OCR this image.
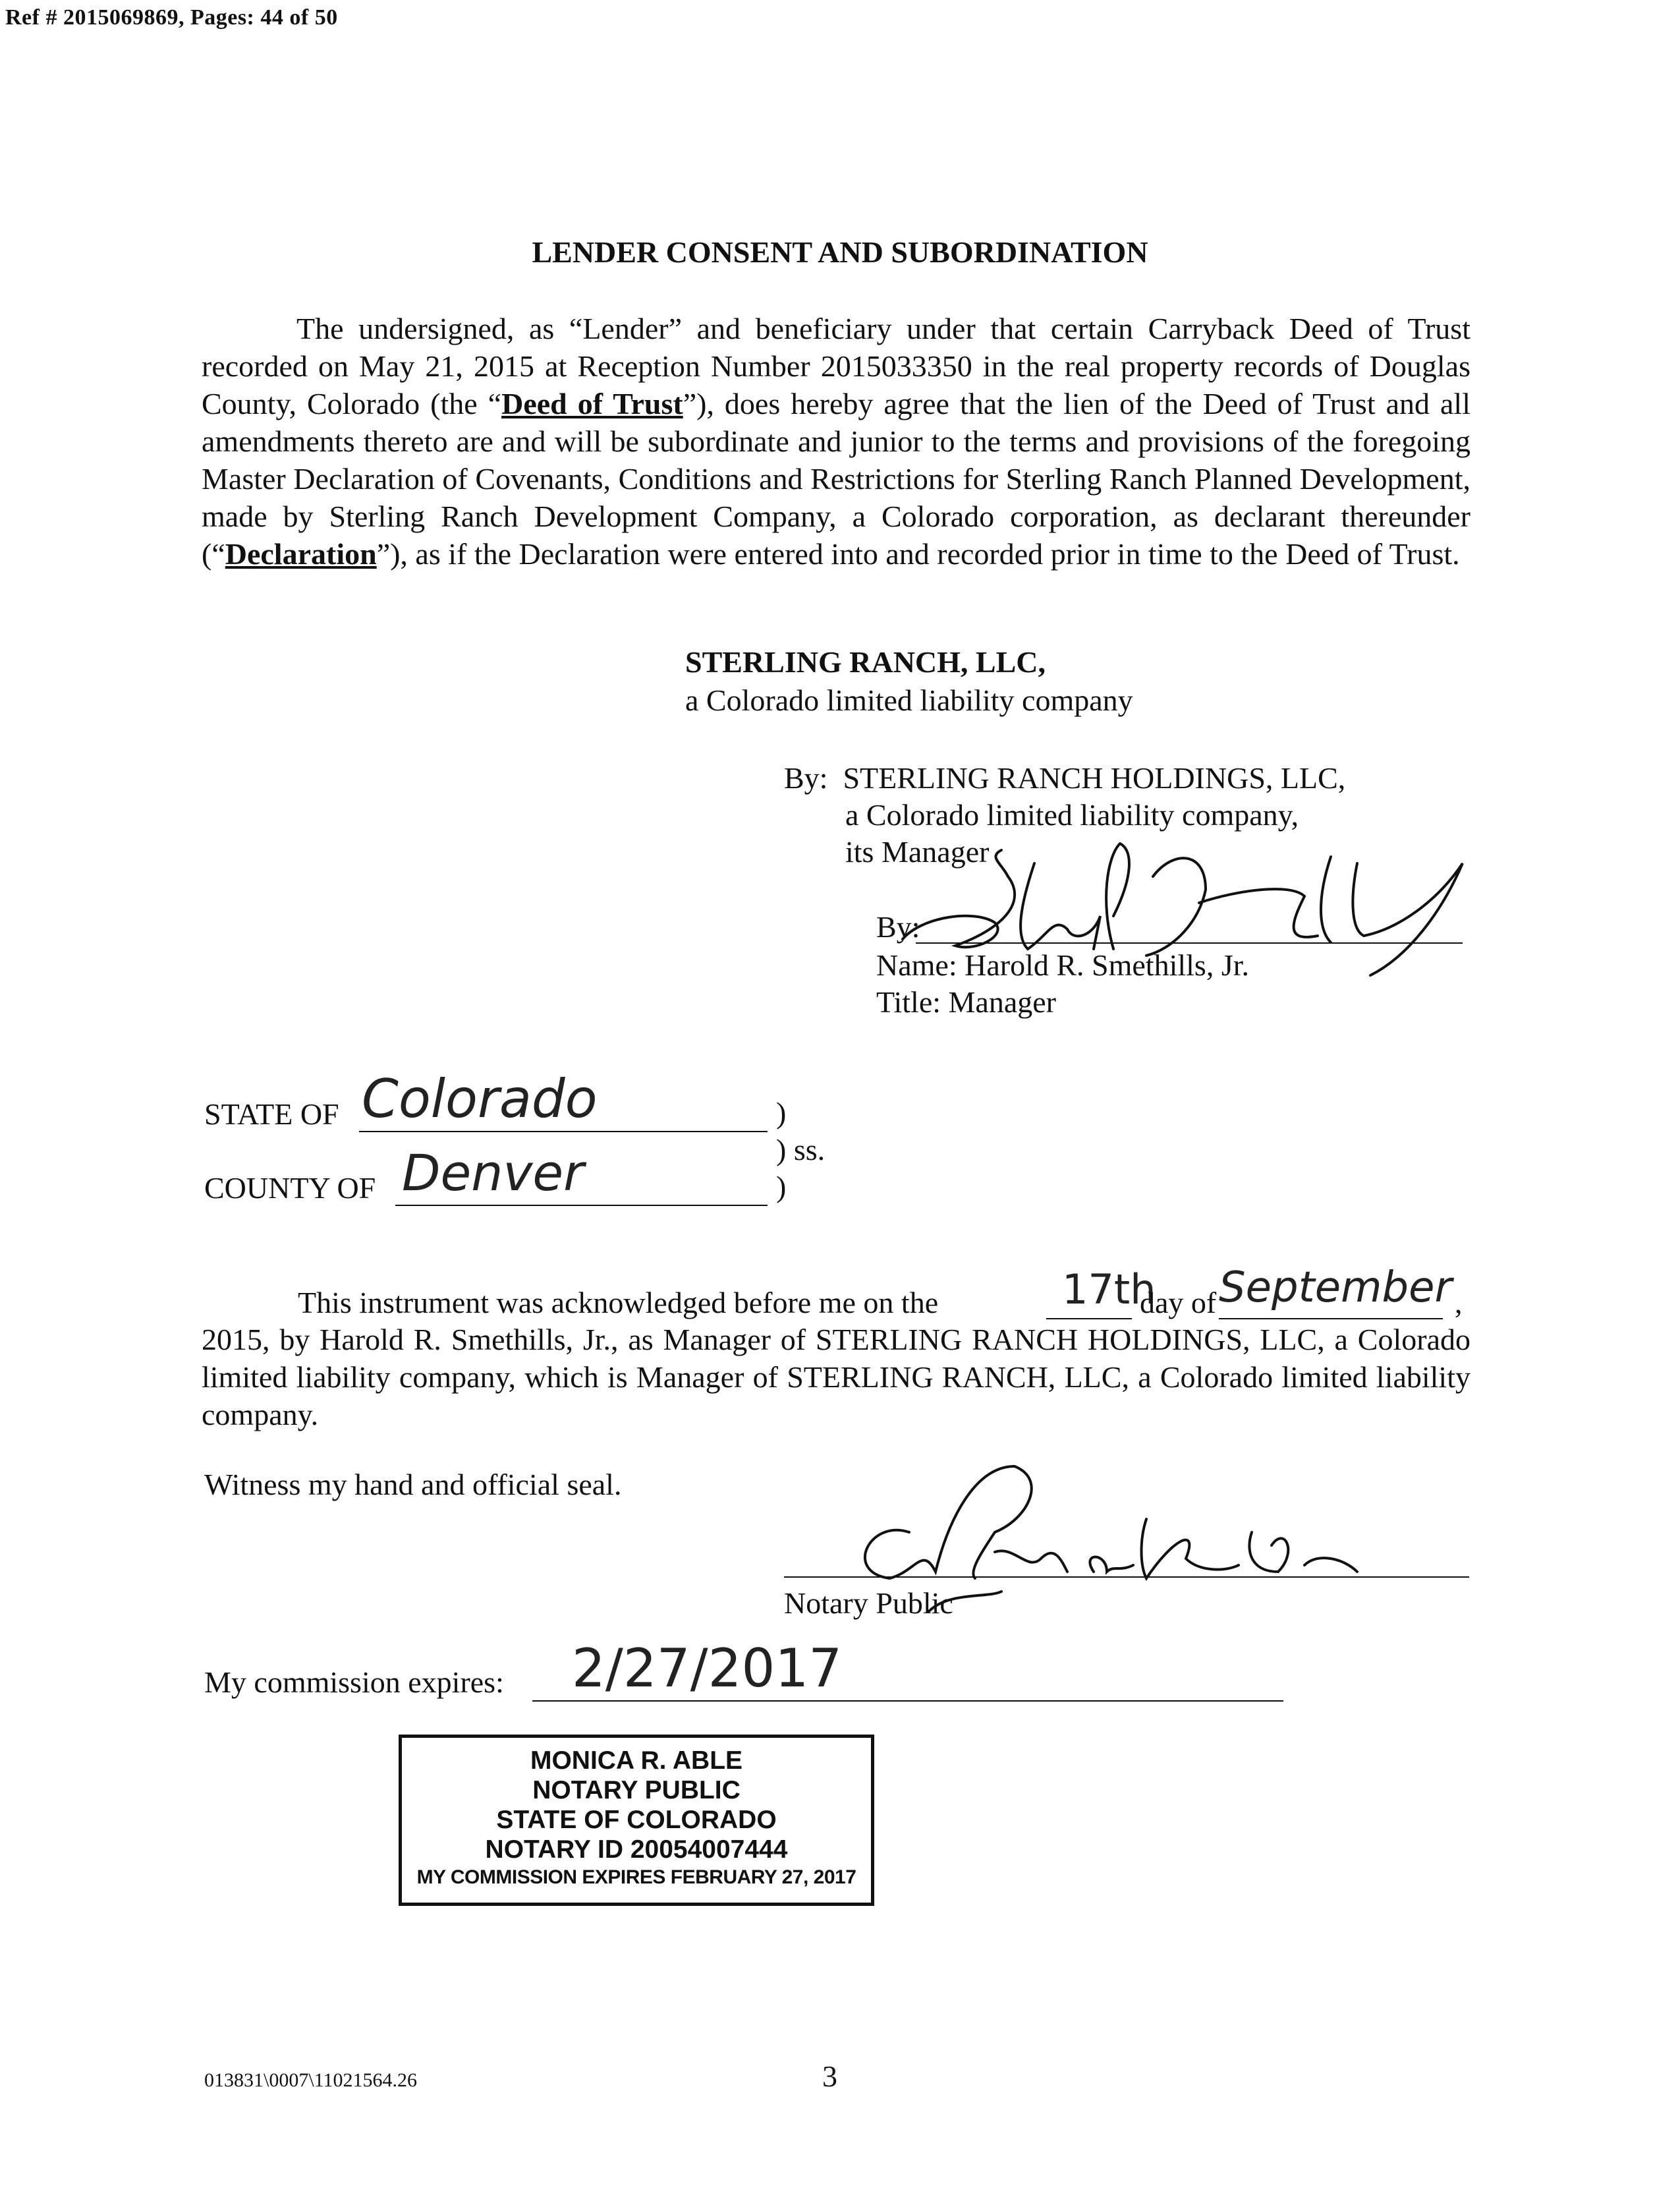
Ref # 2015069869, Pages: 44 of 50
LENDER CONSENT AND SUBORDINATION
The undersigned, as “Lender” and beneficiary under that certain Carryback Deed of Trust recorded on May 21, 2015 at Reception Number 2015033350 in the real property records of Douglas County, Colorado (the “Deed of Trust”), does hereby agree that the lien of the Deed of Trust and all amendments thereto are and will be subordinate and junior to the terms and provisions of the foregoing Master Declaration of Covenants, Conditions and Restrictions for Sterling Ranch Planned Development, made by Sterling Ranch Development Company, a Colorado corporation, as declarant thereunder (“Declaration”), as if the Declaration were entered into and recorded prior in time to the Deed of Trust.
STERLING RANCH, LLC,
a Colorado limited liability company
By:  STERLING RANCH HOLDINGS, LLC,
a Colorado limited liability company,
its Manager
By:
Name: Harold R. Smethills, Jr.
Title: Manager
STATE OF Colorado	)
) ss.
COUNTY OF Denver	)
This instrument was acknowledged before me on the	17th
day of September ,
2015, by Harold R. Smethills, Jr., as Manager of STERLING RANCH HOLDINGS, LLC, a Colorado limited liability company, which is Manager of STERLING RANCH, LLC, a Colorado limited liability company.
Witness my hand and official seal.
Notary Public
My commission expires: 2/27/2017
MONICA R. ABLE
NOTARY PUBLIC
STATE OF COLORADO
NOTARY ID 20054007444
MY COMMISSION EXPIRES FEBRUARY 27, 2017
013831\0007\11021564.26	3
